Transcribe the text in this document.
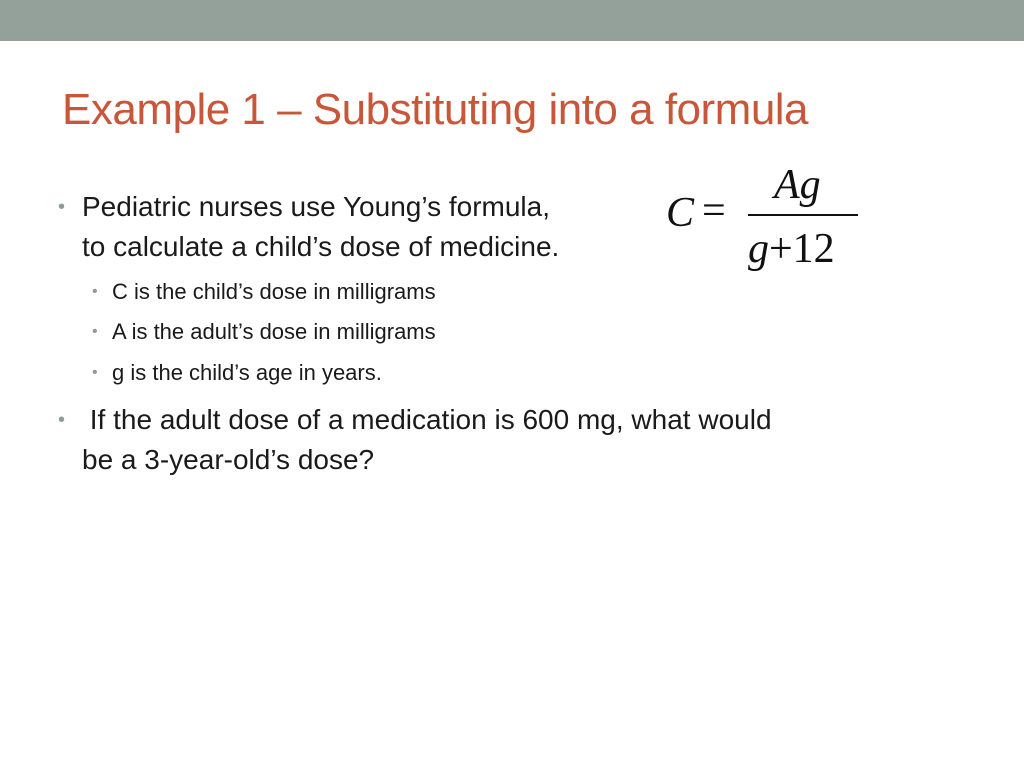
Example 1 – Substituting into a formula
• Pediatric nurses use Young’s formula,
to calculate a child’s dose of medicine.
• C is the child’s dose in milligrams
• A is the adult’s dose in milligrams
• g is the child’s age in years.
• If the adult dose of a medication is 600 mg, what would
be a 3-year-old’s dose?
C =
Ag
g+12
